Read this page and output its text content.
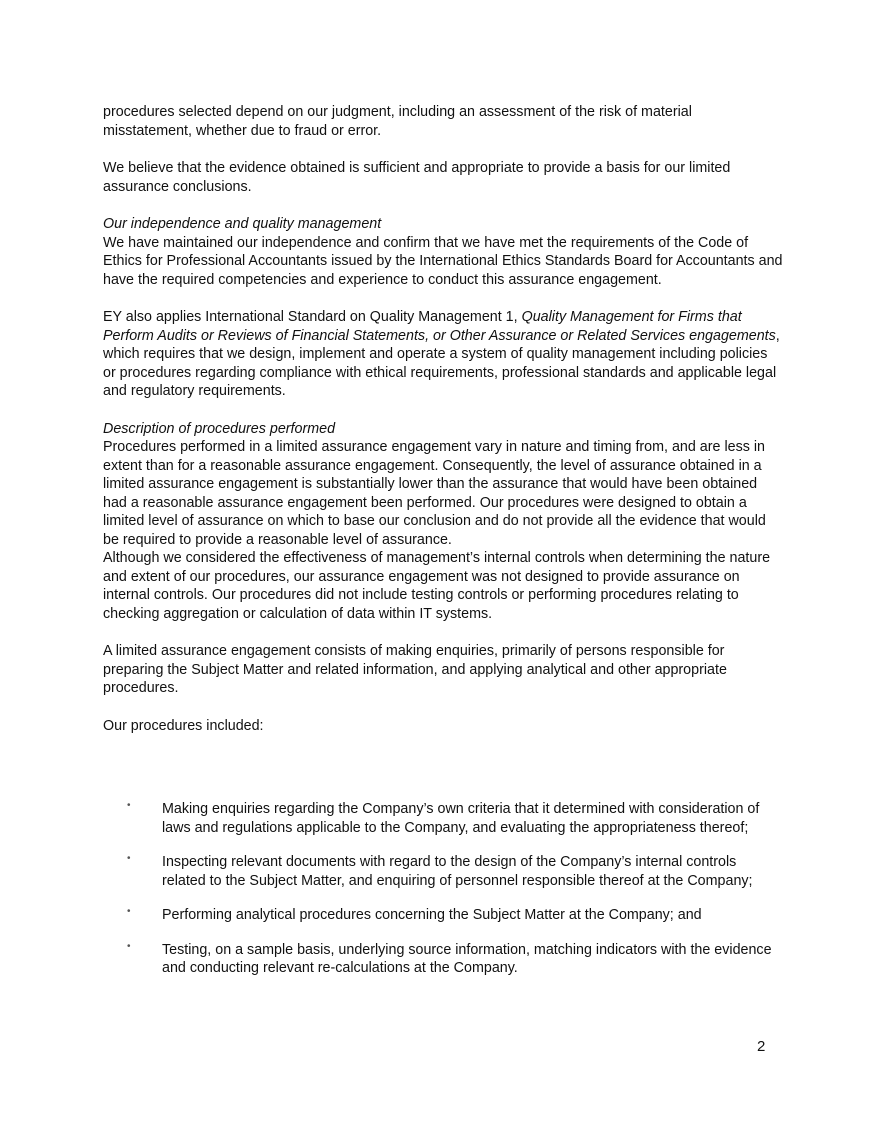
procedures selected depend on our judgment, including an assessment of the risk of material misstatement, whether due to fraud or error.

We believe that the evidence obtained is sufficient and appropriate to provide a basis for our limited assurance conclusions.

Our independence and quality management

We have maintained our independence and confirm that we have met the requirements of the Code of Ethics for Professional Accountants issued by the International Ethics Standards Board for Accountants and have the required competencies and experience to conduct this assurance engagement.

EY also applies International Standard on Quality Management 1, Quality Management for Firms that Perform Audits or Reviews of Financial Statements, or Other Assurance or Related Services engagements, which requires that we design, implement and operate a system of quality management including policies or procedures regarding compliance with ethical requirements, professional standards and applicable legal and regulatory requirements.

Description of procedures performed

Procedures performed in a limited assurance engagement vary in nature and timing from, and are less in extent than for a reasonable assurance engagement. Consequently, the level of assurance obtained in a limited assurance engagement is substantially lower than the assurance that would have been obtained had a reasonable assurance engagement been performed. Our procedures were designed to obtain a limited level of assurance on which to base our conclusion and do not provide all the evidence that would be required to provide a reasonable level of assurance.

Although we considered the effectiveness of management’s internal controls when determining the nature and extent of our procedures, our assurance engagement was not designed to provide assurance on internal controls. Our procedures did not include testing controls or performing procedures relating to checking aggregation or calculation of data within IT systems.

A limited assurance engagement consists of making enquiries, primarily of persons responsible for preparing the Subject Matter and related information, and applying analytical and other appropriate procedures.

Our procedures included:

• Making enquiries regarding the Company’s own criteria that it determined with consideration of laws and regulations applicable to the Company, and evaluating the appropriateness thereof;
• Inspecting relevant documents with regard to the design of the Company’s internal controls related to the Subject Matter, and enquiring of personnel responsible thereof at the Company;
• Performing analytical procedures concerning the Subject Matter at the Company; and
• Testing, on a sample basis, underlying source information, matching indicators with the evidence and conducting relevant re-calculations at the Company.
2
